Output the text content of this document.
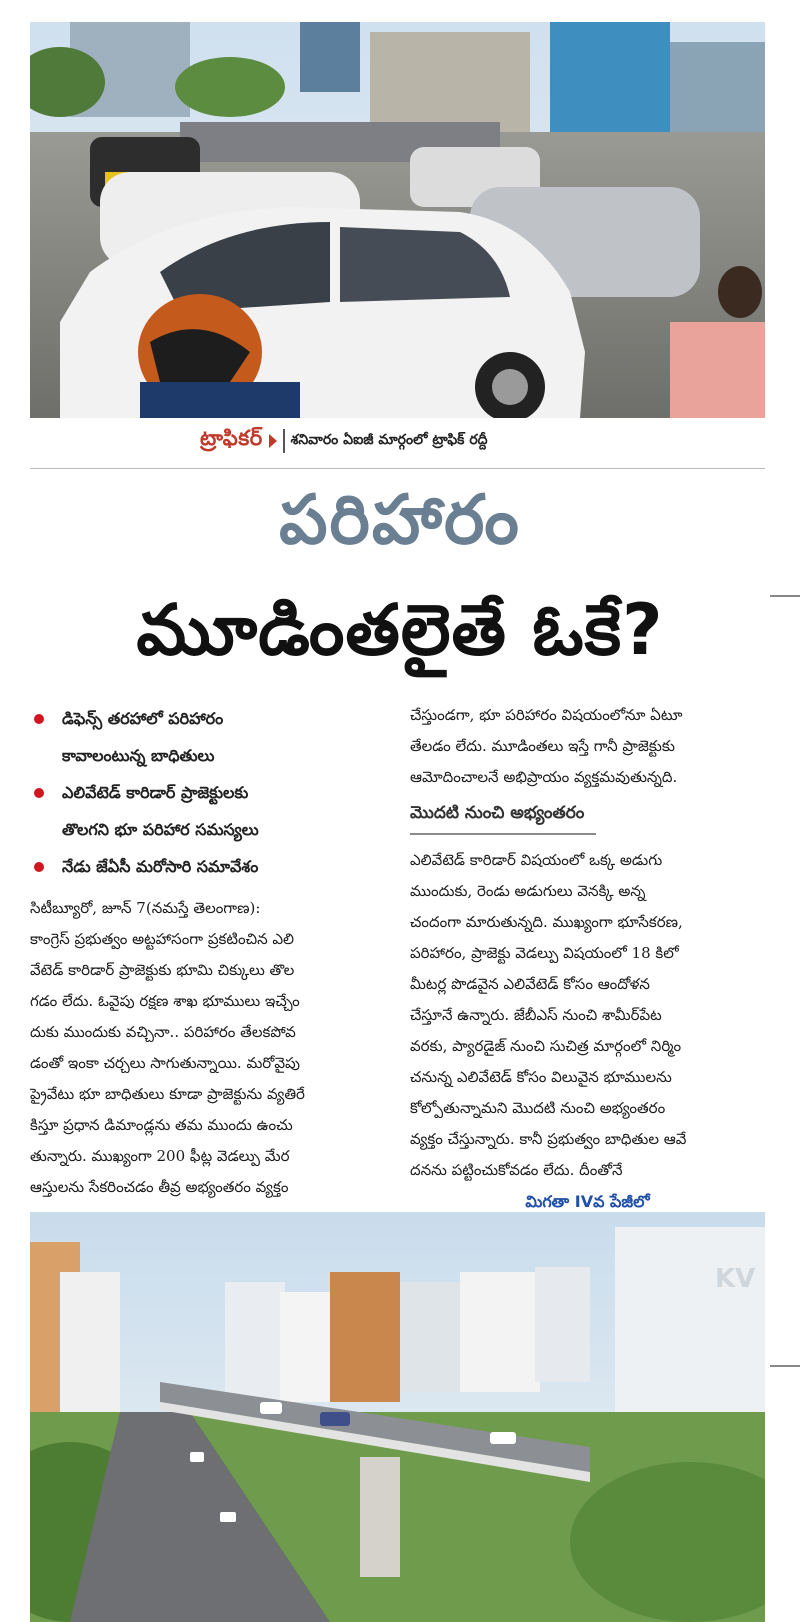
ట్రాఫికర్ శనివారం ఏఐజీ మార్గంలో ట్రాఫిక్ రద్దీ
పరిహారం
మూడింతలైతే ఓకే?
డిఫెన్స్ తరహాలో పరిహారం
కావాలంటున్న బాధితులు
ఎలివేటెడ్ కారిడార్ ప్రాజెక్టులకు
తొలగని భూ పరిహార సమస్యలు
నేడు జేఏసీ మరోసారి సమావేశం

సిటీబ్యూరో, జూన్ 7(నమస్తే తెలంగాణ):
కాంగ్రెస్ ప్రభుత్వం అట్టహాసంగా ప్రకటించిన ఎలి
వేటెడ్ కారిడార్ ప్రాజెక్టుకు భూమి చిక్కులు తొల
గడం లేదు. ఓవైపు రక్షణ శాఖ భూములు ఇచ్చేం
దుకు ముందుకు వచ్చినా.. పరిహారం తేలకపోవ
డంతో ఇంకా చర్చలు సాగుతున్నాయి. మరోవైపు
ప్రైవేటు భూ బాధితులు కూడా ప్రాజెక్టును వ్యతిరే
కిస్తూ ప్రధాన డిమాండ్లను తమ ముందు ఉంచు
తున్నారు. ముఖ్యంగా 200 ఫీట్ల వెడల్పు మేర
ఆస్తులను సేకరించడం తీవ్ర అభ్యంతరం వ్యక్తం

చేస్తుండగా, భూ పరిహారం విషయంలోనూ ఏటూ
తేలడం లేదు. మూడింతలు ఇస్తే గానీ ప్రాజెక్టుకు
ఆమోదించాలనే అభిప్రాయం వ్యక్తమవుతున్నది.

మొదటి నుంచి అభ్యంతరం

ఎలివేటెడ్ కారిడార్ విషయంలో ఒక్క అడుగు
ముందుకు, రెండు అడుగులు వెనక్కి అన్న
చందంగా మారుతున్నది. ముఖ్యంగా భూసేకరణ,
పరిహారం, ప్రాజెక్టు వెడల్పు విషయంలో 18 కిలో
మీటర్ల పొడవైన ఎలివేటెడ్ కోసం ఆందోళన
చేస్తూనే ఉన్నారు. జేబీఎస్ నుంచి శామీర్‌పేట
వరకు, ప్యారడైజ్ నుంచి సుచిత్ర మార్గంలో నిర్మిం
చనున్న ఎలివేటెడ్ కోసం విలువైన భూములను
కోల్పోతున్నామని మొదటి నుంచి అభ్యంతరం
వ్యక్తం చేస్తున్నారు. కానీ ప్రభుత్వం బాధితుల ఆవే
దనను పట్టించుకోవడం లేదు. దీంతోనే

మిగతా IVవ పేజీలో
KV
